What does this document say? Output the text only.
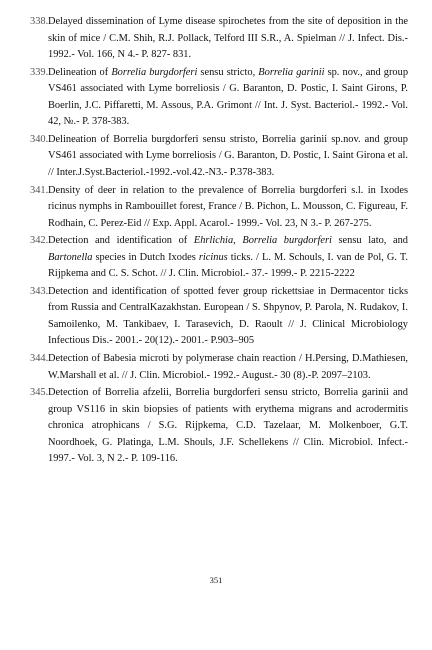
338. Delayed dissemination of Lyme disease spirochetes from the site of deposition in the skin of mice / C.M. Shih, R.J. Pollack, Telford III S.R., A. Spielman // J. Infect. Dis.- 1992.- Vol. 166, N 4.- P. 827- 831.
339. Delineation of Borrelia burgdorferi sensu stricto, Borrelia garinii sp. nov., and group VS461 associated with Lyme borreliosis / G. Baranton, D. Postic, I. Saint Girons, P. Boerlin, J.C. Piffaretti, M. Assous, P.A. Grimont // Int. J. Syst. Bacteriol.- 1992.- Vol. 42, №.- P. 378-383.
340. Delineation of Borrelia burgdorferi sensu stristo, Borrelia garinii sp.nov. and group VS461 associated with Lyme borreliosis / G. Baranton, D. Postic, I. Saint Girona et al. // Inter.J.Syst.Bacteriol.-1992.-vol.42.-N3.- P.378-383.
341. Density of deer in relation to the prevalence of Borrelia burgdorferi s.l. in Ixodes ricinus nymphs in Rambouillet forest, France / B. Pichon, L. Mousson, C. Figureau, F. Rodhain, C. Perez-Eid // Exp. Appl. Acarol.- 1999.- Vol. 23, N 3.- P. 267-275.
342. Detection and identification of Ehrlichia, Borrelia burgdorferi sensu lato, and Bartonella species in Dutch Ixodes ricinus ticks. / L. M. Schouls, I. van de Pol, G. T. Rijpkema and C. S. Schot. // J. Clin. Microbiol.- 37.- 1999.- P. 2215-2222
343. Detection and identification of spotted fever group rickettsiae in Dermacentor ticks from Russia and CentralKazakhstan. European / S. Shpynov, P. Parola, N. Rudakov, I. Samoilenko, M. Tankibaev, I. Tarasevich, D. Raoult // J. Clinical Microbiology Infectious Dis.- 2001.- 20(12).- 2001.- P.903–905
344. Detection of Babesia microti by polymerase chain reaction / H.Persing, D.Mathiesen, W.Marshall et al. // J. Clin. Microbiol.- 1992.- August.- 30 (8).-P. 2097–2103.
345. Detection of Borrelia afzelii, Borrelia burgdorferi sensu stricto, Borrelia garinii and group VS116 in skin biopsies of patients with erythema migrans and acrodermitis chronica atrophicans / S.G. Rijpkema, C.D. Tazelaar, M. Molkenboer, G.T. Noordhoek, G. Platinga, L.M. Shouls, J.F. Schellekens // Clin. Microbiol. Infect.- 1997.- Vol. 3, N 2.- P. 109-116.
351
